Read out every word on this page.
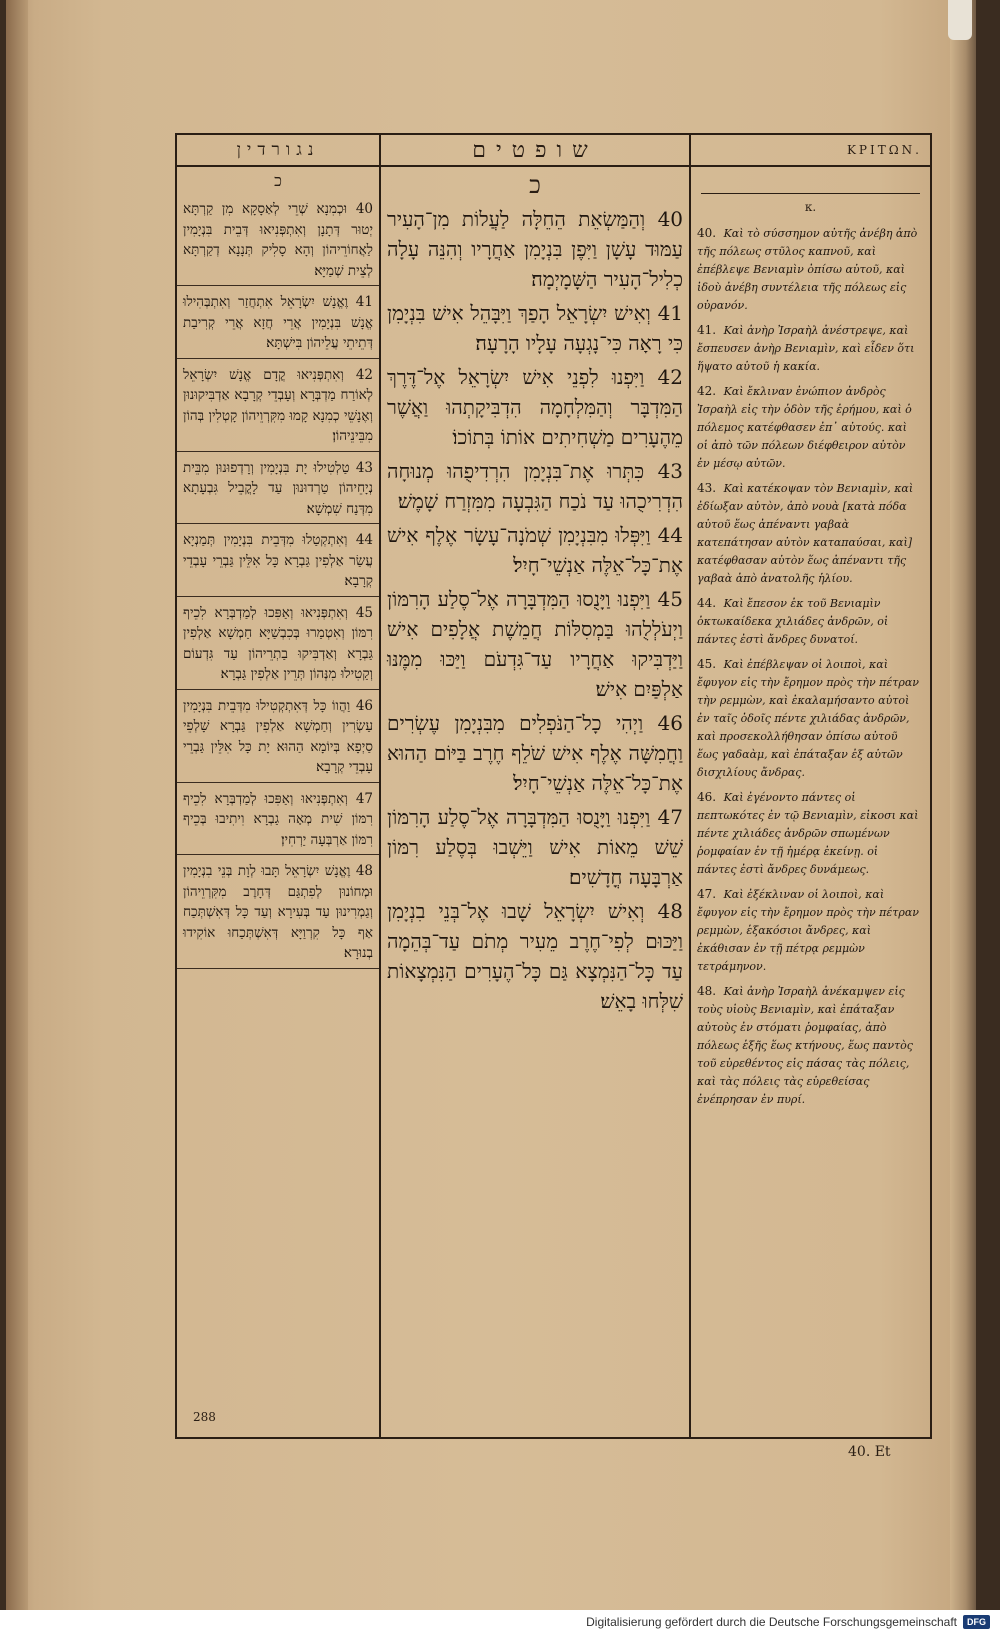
נגורדין
כ
40 וּכְמִנָא שְׁרֵי לְאַסָקָא מִן קַרְתָּא יְטוּר דְּתָנָן וְאִתְפְּנִיאוּ דְּבֵית בִּנְיָמִין לַאֲחוֹרֵיהוֹן וְהָא סָלִיק תְּנָנָא דְקַרְתָּא לְצֵית שְׁמַיָּא׃
41 וֶאֱנָשׁ יִשְׂרָאֵל אִתְחֲזַר וְאִתְבְּהִילוּ אֱנָשׁ בִּנְיָמִין אֲרֵי חֲזָא אֲרֵי קְרִיבַת דְּתֵיתֵי עֲלֵיהוֹן בִּישְׁתָּא׃
42 וְאִתְפְּנִיאוּ קֳדָם אֱנָשׁ יִשְׂרָאֵל לְאוֹרַח מַדְבְּרָא וְעָבְדֵי קְרָבָא אַדְבִּיקוּנוּן וְאֶנָשֵׁי כְמִנָא קָמוּ מִקִּרְוֵיהוֹן קָטְלִין בְּהוֹן מִבֵּינֵיהוֹן׃
43 טַלְטִילוּ יָת בִּנְיָמִין וְרָדְפוּנוּן מִבֵּית נְיָחֵיהוֹן טַרְדוּנוּן עַד לָקֳבֵיל גִּבְעָתָא מִדְּנַח שִׁמְשָׁא׃
44 וְאִתְקְטַלוּ מִדְּבֵית בִּנְיָמִין תְּמַנְיָא עֲשַׂר אַלְפִין גַּבְרָא כָּל אִלֵּין גַּבְרֵי עָבְדֵי קְרָבָא׃
45 וְאִתְפְּנִיאוּ וְאַפִּכוּ לְמַדְבְּרָא לִכֵיף רִמּוֹן וְאִטְמַרוּ בְּכִבְשַׁיָּא חַמְשָׁא אַלְפִין גַּבְרָא וְאַדְבִּיקוּ בַתְרֵיהוֹן עַד גִּדְעוֹם וְקַטִילוּ מִנְּהוֹן תְּרֵין אַלְפִין גַּבְרָא׃
46 וַהֲווֹ כָּל דְּאִתְקְטִילוּ מִדְּבֵית בִּנְיָמִין עַשְׂרִין וְחַמְשָׁא אַלְפִין גַּבְרָא שָׁלְפֵי סַיְפָא בְּיוֹמָא הַהוּא יָת כָּל אִלֵּין גַּבְרֵי עָבְדֵי קְרָבָא׃
47 וְאִתְפְּנִיאוּ וְאַפִּכוּ לְמַדְבְּרָא לִכֵיף רִמּוֹן שִׁית מְאָה גַבְרָא וִיתִיבוּ בְּכֵיף רִמּוֹן אַרְבְּעָה יַרְחִין׃
48 וֶאֱנָשׁ יִשְׂרָאֵל תָּבוּ לְוָת בְּנֵי בִנְיָמִין וּמְחוֹנוּן לְפִתְגַּם דְּחָרֶב מִקִּרְוֵיהוֹן וְגַמְרִינוּן עַד בְּעִירָא וְעַד כָּל דְּאִשְׁתְּכַח אַף כָּל קִרְוַיָּא דְּאִשְׁתְּכַחוּ אוֹקִידוּ בְנוּרָא׃
שופטים
כ
40 וְהַמַּשְׂאֵת הֵחֵלָּה לַעֲלוֹת מִן־הָעִיר עַמּוּד עָשָׁן וַיִּפֶן בִּנְיָמִן אַחֲרָיו וְהִנֵּה עָלָה כְלִיל־הָעִיר הַשָּׁמָיְמָה׃
41 וְאִישׁ יִשְׂרָאֵל הָפַךְ וַיִּבָּהֵל אִישׁ בִּנְיָמִן כִּי רָאָה כִּי־נָגְעָה עָלָיו הָרָעָה׃
42 וַיִּפְנוּ לִפְנֵי אִישׁ יִשְׂרָאֵל אֶל־דֶּרֶךְ הַמִּדְבָּר וְהַמִּלְחָמָה הִדְבִּיקָתְהוּ וַאֲשֶׁר מֵהֶעָרִים מַשְׁחִיתִים אוֹתוֹ בְּתוֹכוֹ׃
43 כִּתְּרוּ אֶת־בִּנְיָמִן הִרְדִיפֻהוּ מְנוּחָה הִדְרִיכֻהוּ עַד נֹכַח הַגִּבְעָה מִמִּזְרַח שָׁמֶשׁ׃
44 וַיִּפְּלוּ מִבִּנְיָמִן שְׁמֹנָה־עָשָׂר אֶלֶף אִישׁ אֶת־כָּל־אֵלֶּה אַנְשֵׁי־חָיִל׃
45 וַיִּפְנוּ וַיָּנֻסוּ הַמִּדְבָּרָה אֶל־סֶלַע הָרִמּוֹן וַיְעֹלְלֻהוּ בַּמְסִלּוֹת חֲמֵשֶׁת אֲלָפִים אִישׁ וַיַּדְבִּיקוּ אַחֲרָיו עַד־גִּדְעֹם וַיַּכּוּ מִמֶּנּוּ אַלְפַּיִם אִישׁ׃
46 וַיְהִי כָל־הַנֹּפְלִים מִבִּנְיָמִן עֶשְׂרִים וַחֲמִשָּׁה אֶלֶף אִישׁ שֹׁלֵף חֶרֶב בַּיּוֹם הַהוּא אֶת־כָּל־אֵלֶּה אַנְשֵׁי־חָיִל׃
47 וַיִּפְנוּ וַיָּנֻסוּ הַמִּדְבָּרָה אֶל־סֶלַע הָרִמּוֹן שֵׁשׁ מֵאוֹת אִישׁ וַיֵּשְׁבוּ בְּסֶלַע רִמּוֹן אַרְבָּעָה חֳדָשִׁים׃
48 וְאִישׁ יִשְׂרָאֵל שָׁבוּ אֶל־בְּנֵי בִנְיָמִן וַיַּכּוּם לְפִי־חֶרֶב מֵעִיר מְתֹם עַד־בְּהֵמָה עַד כָּל־הַנִּמְצָא גַּם כָּל־הֶעָרִים הַנִּמְצָאוֹת שִׁלְּחוּ בָאֵשׁ׃
ΚΡΙΤΩΝ.
κ.
40. Καὶ τὸ σύσσημον αὐτῆς ἀνέβη ἀπὸ τῆς πόλεως στῦλος καπνοῦ, καὶ ἐπέβλεψε Βενιαμὶν ὀπίσω αὐτοῦ, καὶ ἰδοὺ ἀνέβη συντέλεια τῆς πόλεως εἰς οὐρανόν.
41. Καὶ ἀνὴρ Ἰσραὴλ ἀνέστρεψε, καὶ ἔσπευσεν ἀνὴρ Βενιαμὶν, καὶ εἶδεν ὅτι ἥψατο αὐτοῦ ἡ κακία.
42. Καὶ ἔκλιναν ἐνώπιον ἀνδρὸς Ἰσραὴλ εἰς τὴν ὁδὸν τῆς ἐρήμου, καὶ ὁ πόλεμος κατέφθασεν ἐπ᾽ αὐτούς. καὶ οἱ ἀπὸ τῶν πόλεων διέφθειρον αὐτὸν ἐν μέσῳ αὐτῶν.
43. Καὶ κατέκοψαν τὸν Βενιαμὶν, καὶ ἐδίωξαν αὐτὸν, ἀπὸ νουὰ [κατὰ πόδα αὐτοῦ ἕως ἀπέναντι γαβαὰ κατεπάτησαν αὐτὸν καταπαύσαι, καὶ] κατέφθασαν αὐτὸν ἕως ἀπέναντι τῆς γαβαὰ ἀπὸ ἀνατολῆς ἡλίου.
44. Καὶ ἔπεσον ἐκ τοῦ Βενιαμὶν ὀκτωκαίδεκα χιλιάδες ἀνδρῶν, οἱ πάντες ἐστὶ ἄνδρες δυνατοί.
45. Καὶ ἐπέβλεψαν οἱ λοιποὶ, καὶ ἔφυγον εἰς τὴν ἔρημον πρὸς τὴν πέτραν τὴν ρεμμὼν, καὶ ἐκαλαμήσαντο αὐτοὶ ἐν ταῖς ὁδοῖς πέντε χιλιάδας ἀνδρῶν, καὶ προσεκολλήθησαν ὀπίσω αὐτοῦ ἕως γαδαὰμ, καὶ ἐπάταξαν ἐξ αὐτῶν δισχιλίους ἄνδρας.
46. Καὶ ἐγένοντο πάντες οἱ πεπτωκότες ἐν τῷ Βενιαμὶν, εἰκοσι καὶ πέντε χιλιάδες ἀνδρῶν σπωμένων ῥομφαίαν ἐν τῇ ἡμέρᾳ ἐκείνῃ. οἱ πάντες ἐστὶ ἄνδρες δυνάμεως.
47. Καὶ ἐξέκλιναν οἱ λοιποὶ, καὶ ἔφυγον εἰς τὴν ἔρημον πρὸς τὴν πέτραν ρεμμὼν, ἑξακόσιοι ἄνδρες, καὶ ἐκάθισαν ἐν τῇ πέτρᾳ ρεμμὼν τετράμηνον.
48. Καὶ ἀνὴρ Ἰσραὴλ ἀνέκαμψεν εἰς τοὺς υἱοὺς Βενιαμὶν, καὶ ἐπάταξαν αὐτοὺς ἐν στόματι ῥομφαίας, ἀπὸ πόλεως ἑξῆς ἕως κτήνους, ἕως παντὸς τοῦ εὑρεθέντος εἰς πάσας τὰς πόλεις, καὶ τὰς πόλεις τὰς εὑρεθείσας ἐνέπρησαν ἐν πυρί.
288
40. Et
Digitalisierung gefördert durch die Deutsche Forschungsgemeinschaft	DFG
